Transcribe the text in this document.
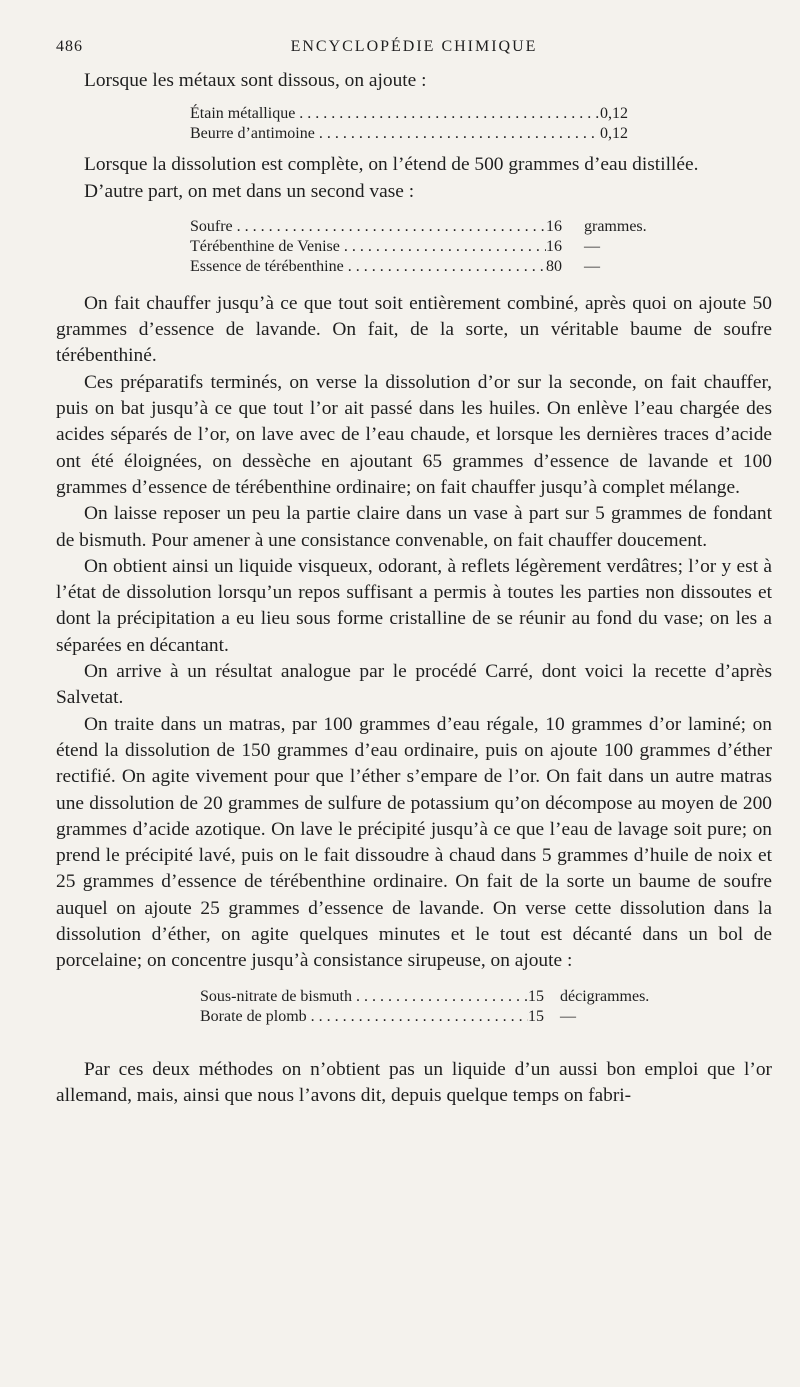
486	ENCYCLOPÉDIE CHIMIQUE

Lorsque les métaux sont dissous, on ajoute :

Étain métallique . . .	0,12
Beurre d’antimoine . . .	0,12

Lorsque la dissolution est complète, on l’étend de 500 grammes d’eau distillée.

D’autre part, on met dans un second vase :

Soufre . . .	16	grammes.
Térébenthine de Venise . . .	16	—
Essence de térébenthine . . .	80	—

On fait chauffer jusqu’à ce que tout soit entièrement combiné, après quoi on ajoute 50 grammes d’essence de lavande. On fait, de la sorte, un véritable baume de soufre térébenthiné.

Ces préparatifs terminés, on verse la dissolution d’or sur la seconde, on fait chauffer, puis on bat jusqu’à ce que tout l’or ait passé dans les huiles. On enlève l’eau chargée des acides séparés de l’or, on lave avec de l’eau chaude, et lorsque les dernières traces d’acide ont été éloignées, on dessèche en ajoutant 65 grammes d’essence de lavande et 100 grammes d’essence de térébenthine ordinaire; on fait chauffer jusqu’à complet mélange.

On laisse reposer un peu la partie claire dans un vase à part sur 5 grammes de fondant de bismuth. Pour amener à une consistance convenable, on fait chauffer doucement.

On obtient ainsi un liquide visqueux, odorant, à reflets légèrement verdâtres; l’or y est à l’état de dissolution lorsqu’un repos suffisant a permis à toutes les parties non dissoutes et dont la précipitation a eu lieu sous forme cristalline de se réunir au fond du vase; on les a séparées en décantant.

On arrive à un résultat analogue par le procédé Carré, dont voici la recette d’après Salvetat.

On traite dans un matras, par 100 grammes d’eau régale, 10 grammes d’or laminé; on étend la dissolution de 150 grammes d’eau ordinaire, puis on ajoute 100 grammes d’éther rectifié. On agite vivement pour que l’éther s’empare de l’or. On fait dans un autre matras une dissolution de 20 grammes de sulfure de potassium qu’on décompose au moyen de 200 grammes d’acide azotique. On lave le précipité jusqu’à ce que l’eau de lavage soit pure; on prend le précipité lavé, puis on le fait dissoudre à chaud dans 5 grammes d’huile de noix et 25 grammes d’essence de térébenthine ordinaire. On fait de la sorte un baume de soufre auquel on ajoute 25 grammes d’essence de lavande. On verse cette dissolution dans la dissolution d’éther, on agite quelques minutes et le tout est décanté dans un bol de porcelaine; on concentre jusqu’à consistance sirupeuse, on ajoute :

Sous-nitrate de bismuth . . .	15	décigrammes.
Borate de plomb . . .	15	—

Par ces deux méthodes on n’obtient pas un liquide d’un aussi bon emploi que l’or allemand, mais, ainsi que nous l’avons dit, depuis quelque temps on fabri-
